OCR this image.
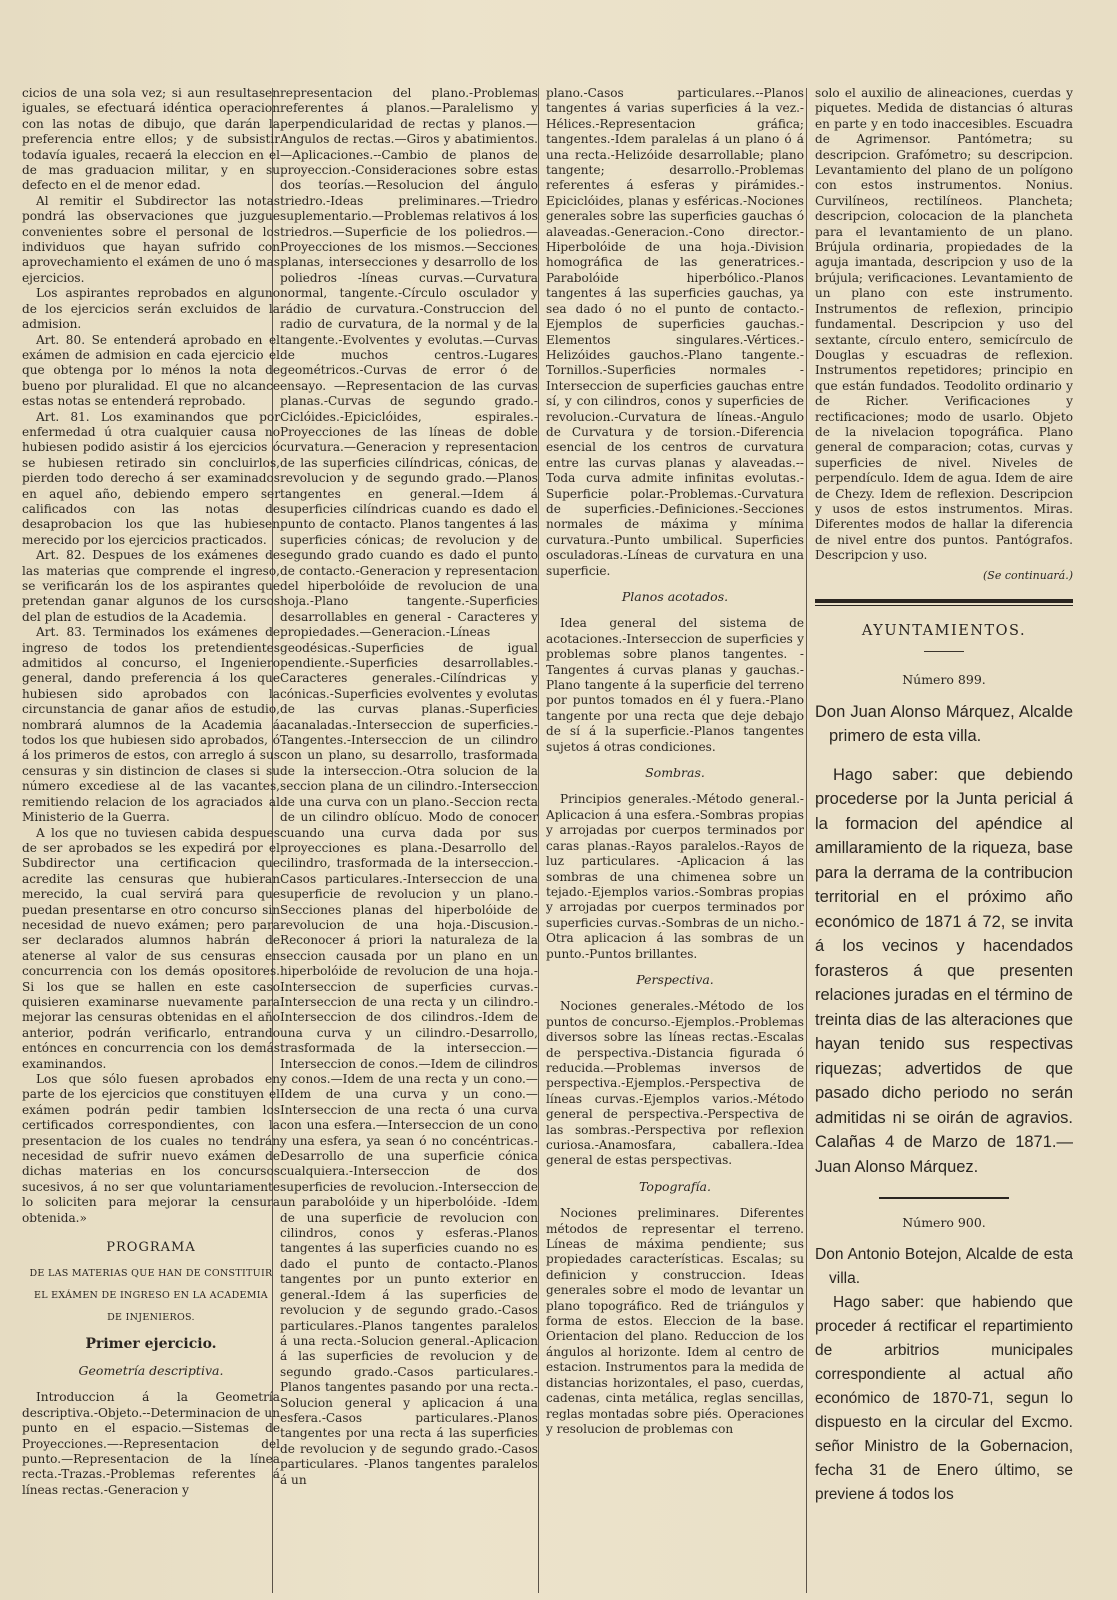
cicios de una sola vez; si aun resultasen iguales, se efectuará idéntica operacion con las notas de dibujo, que darán la preferencia entre ellos; y de subsistir todavía iguales, recaerá la eleccion en el de mas graduacion militar, y en su defecto en el de menor edad.

Al remitir el Subdirector las notas pondrá las observaciones que juzgue convenientes sobre el personal de los individuos que hayan sufrido con aprovechamiento el exámen de uno ó mas ejercicios.

Los aspirantes reprobados en alguno de los ejercicios serán excluidos de la admision.

Art. 80. Se entenderá aprobado en el exámen de admision en cada ejercicio el que obtenga por lo ménos la nota de bueno por pluralidad. El que no alcance estas notas se entenderá reprobado.

Art. 81. Los examinandos que por enfermedad ú otra cualquier causa no hubiesen podido asistir á los ejercicios ó se hubiesen retirado sin concluirlos, pierden todo derecho á ser examinados en aquel año, debiendo empero ser calificados con las notas de desaprobacion los que las hubiesen merecido por los ejercicios practicados.

Art. 82. Despues de los exámenes de las materias que comprende el ingreso, se verificarán los de los aspirantes que pretendan ganar algunos de los cursos del plan de estudios de la Academia.

Art. 83. Terminados los exámenes de ingreso de todos los pretendientes admitidos al concurso, el Ingeniero general, dando preferencia á los que hubiesen sido aprobados con la circunstancia de ganar años de estudio, nombrará alumnos de la Academia á todos los que hubiesen sido aprobados, ó á los primeros de estos, con arreglo á sus censuras y sin distincion de clases si su número excediese al de las vacantes, remitiendo relacion de los agraciados al Ministerio de la Guerra.

A los que no tuviesen cabida despues de ser aprobados se les expedirá por el Subdirector una certificacion que acredite las censuras que hubieran merecido, la cual servirá para que puedan presentarse en otro concurso sin necesidad de nuevo exámen; pero para ser declarados alumnos habrán de atenerse al valor de sus censuras en concurrencia con los demás opositores. Si los que se hallen en este caso quisieren examinarse nuevamente para mejorar las censuras obtenidas en el año anterior, podrán verificarlo, entrando entónces en concurrencia con los demás examinandos.

Los que sólo fuesen aprobados en parte de los ejercicios que constituyen el exámen podrán pedir tambien los certificados correspondientes, con la presentacion de los cuales no tendrán necesidad de sufrir nuevo exámen de dichas materias en los concursos sucesivos, á no ser que voluntariamente lo soliciten para mejorar la censura obtenida.»

PROGRAMA
DE LAS MATERIAS QUE HAN DE CONSTITUIR
EL EXÁMEN DE INGRESO EN LA ACADEMIA
DE INJENIEROS.
Primer ejercicio.
Geometría descriptiva.

Introduccion á la Geometría descriptiva.-Objeto.--Determinacion de un punto en el espacio.—Sistemas de Proyecciones.—-Representacion del punto.—Representacion de la línea recta.-Trazas.-Problemas referentes á líneas rectas.-Generacion y

representacion del plano.-Problemas referentes á planos.—Paralelismo y perpendicularidad de rectas y planos.—Angulos de rectas.—Giros y abatimientos.—Aplicaciones.--Cambio de planos de proyeccion.-Consideraciones sobre estas dos teorías.—Resolucion del ángulo triedro.-Ideas preliminares.—Triedro suplementario.—Problemas relativos á los triedros.—Superficie de los poliedros.—Proyecciones de los mismos.—Secciones planas, intersecciones y desarrollo de los poliedros -líneas curvas.—Curvatura normal, tangente.-Círculo osculador y rádio de curvatura.-Construccion del radio de curvatura, de la normal y de la tangente.-Evolventes y evolutas.—Curvas de muchos centros.-Lugares geométricos.-Curvas de error ó de ensayo. —Representacion de las curvas planas.-Curvas de segundo grado.-Ciclóides.-Epiciclóides, espirales.-Proyecciones de las líneas de doble curvatura.—Generacion y representacion de las superficies cilíndricas, cónicas, de revolucion y de segundo grado.—Planos tangentes en general.—Idem á superficies cilíndricas cuando es dado el punto de contacto. Planos tangentes á las superficies cónicas; de revolucion y de segundo grado cuando es dado el punto de contacto.-Generacion y representacion del hiperbolóide de revolucion de una hoja.-Plano tangente.-Superficies desarrollables en general - Caracteres y propiedades.—Generacion.-Líneas geodésicas.-Superficies de igual pendiente.-Superficies desarrollables.-Caracteres generales.-Cilíndricas y cónicas.-Superficies evolventes y evolutas de las curvas planas.-Superficies acanaladas.-Interseccion de superficies.-Tangentes.-Interseccion de un cilindro con un plano, su desarrollo, trasformada de la interseccion.-Otra solucion de la seccion plana de un cilindro.-Interseccion de una curva con un plano.-Seccion recta de un cilindro oblícuo. Modo de conocer cuando una curva dada por sus proyecciones es plana.-Desarrollo del cilindro, trasformada de la interseccion.-Casos particulares.-Interseccion de una superficie de revolucion y un plano.-Secciones planas del hiperbolóide de revolucion de una hoja.-Discusion.-Reconocer á priori la naturaleza de la seccion causada por un plano en un hiperbolóide de revolucion de una hoja.-Interseccion de superficies curvas.-Interseccion de una recta y un cilindro.-Interseccion de dos cilindros.-Idem de una curva y un cilindro.-Desarrollo, trasformada de la interseccion.—Interseccion de conos.—Idem de cilindros y conos.—Idem de una recta y un cono.—Idem de una curva y un cono.—Interseccion de una recta ó una curva con una esfera.—Interseccion de un cono y una esfera, ya sean ó no concéntricas.-Desarrollo de una superficie cónica cualquiera.-Interseccion de dos superficies de revolucion.-Interseccion de un parabolóide y un hiperbolóide. -Idem de una superficie de revolucion con cilindros, conos y esferas.-Planos tangentes á las superficies cuando no es dado el punto de contacto.-Planos tangentes por un punto exterior en general.-Idem á las superficies de revolucion y de segundo grado.-Casos particulares.-Planos tangentes paralelos á una recta.-Solucion general.-Aplicacion á las superficies de revolucion y de segundo grado.-Casos particulares.-Planos tangentes pasando por una recta.-Solucion general y aplicacion á una esfera.-Casos particulares.-Planos tangentes por una recta á las superficies de revolucion y de segundo grado.-Casos particulares. -Planos tangentes paralelos á un

plano.-Casos particulares.--Planos tangentes á varias superficies á la vez.-Hélices.-Representacion gráfica; tangentes.-Idem paralelas á un plano ó á una recta.-Helizóide desarrollable; plano tangente; desarrollo.-Problemas referentes á esferas y pirámides.-Epiciclóides, planas y esféricas.-Nociones generales sobre las superficies gauchas ó alaveadas.-Generacion.-Cono director.-Hiperbolóide de una hoja.-Division homográfica de las generatrices.-Parabolóide hiperbólico.-Planos tangentes á las superficies gauchas, ya sea dado ó no el punto de contacto.-Ejemplos de superficies gauchas.-Elementos singulares.-Vértices.-Helizóides gauchos.-Plano tangente.-Tornillos.-Superficies normales -Interseccion de superficies gauchas entre sí, y con cilindros, conos y superficies de revolucion.-Curvatura de líneas.-Angulo de Curvatura y de torsion.-Diferencia esencial de los centros de curvatura entre las curvas planas y alaveadas.--Toda curva admite infinitas evolutas.-Superficie polar.-Problemas.-Curvatura de superficies.-Definiciones.-Secciones normales de máxima y mínima curvatura.-Punto umbilical. Superficies osculadoras.-Líneas de curvatura en una superficie.

Planos acotados.

Idea general del sistema de acotaciones.-Interseccion de superficies y problemas sobre planos tangentes. -Tangentes á curvas planas y gauchas.-Plano tangente á la superficie del terreno por puntos tomados en él y fuera.-Plano tangente por una recta que deje debajo de sí á la superficie.-Planos tangentes sujetos á otras condiciones.

Sombras.

Principios generales.-Método general.-Aplicacion á una esfera.-Sombras propias y arrojadas por cuerpos terminados por caras planas.-Rayos paralelos.-Rayos de luz particulares. -Aplicacion á las sombras de una chimenea sobre un tejado.-Ejemplos varios.-Sombras propias y arrojadas por cuerpos terminados por superficies curvas.-Sombras de un nicho.-Otra aplicacion á las sombras de un punto.-Puntos brillantes.

Perspectiva.

Nociones generales.-Método de los puntos de concurso.-Ejemplos.-Problemas diversos sobre las líneas rectas.-Escalas de perspectiva.-Distancia figurada ó reducida.—Problemas inversos de perspectiva.-Ejemplos.-Perspectiva de líneas curvas.-Ejemplos varios.-Método general de perspectiva.-Perspectiva de las sombras.-Perspectiva por reflexion curiosa.-Anamosfara, caballera.-Idea general de estas perspectivas.

Topografía.

Nociones preliminares. Diferentes métodos de representar el terreno. Líneas de máxima pendiente; sus propiedades características. Escalas; su definicion y construccion. Ideas generales sobre el modo de levantar un plano topográfico. Red de triángulos y forma de estos. Eleccion de la base. Orientacion del plano. Reduccion de los ángulos al horizonte. Idem al centro de estacion. Instrumentos para la medida de distancias horizontales, el paso, cuerdas, cadenas, cinta metálica, reglas sencillas, reglas montadas sobre piés. Operaciones y resolucion de problemas con

solo el auxilio de alineaciones, cuerdas y piquetes. Medida de distancias ó alturas en parte y en todo inaccesibles. Escuadra de Agrimensor. Pantómetra; su descripcion. Grafómetro; su descripcion. Levantamiento del plano de un polígono con estos instrumentos. Nonius. Curvilíneos, rectilíneos. Plancheta; descripcion, colocacion de la plancheta para el levantamiento de un plano. Brújula ordinaria, propiedades de la aguja imantada, descripcion y uso de la brújula; verificaciones. Levantamiento de un plano con este instrumento. Instrumentos de reflexion, principio fundamental. Descripcion y uso del sextante, círculo entero, semicírculo de Douglas y escuadras de reflexion. Instrumentos repetidores; principio en que están fundados. Teodolito ordinario y de Richer. Verificaciones y rectificaciones; modo de usarlo. Objeto de la nivelacion topográfica. Plano general de comparacion; cotas, curvas y superficies de nivel. Niveles de perpendículo. Idem de agua. Idem de aire de Chezy. Idem de reflexion. Descripcion y usos de estos instrumentos. Miras. Diferentes modos de hallar la diferencia de nivel entre dos puntos. Pantógrafos. Descripcion y uso.

(Se continuará.)
AYUNTAMIENTOS.
Número 899.

Don Juan Alonso Márquez, Alcalde primero de esta villa.

Hago saber: que debiendo procederse por la Junta pericial á la formacion del apéndice al amillaramiento de la riqueza, base para la derrama de la contribucion territorial en el próximo año económico de 1871 á 72, se invita á los vecinos y hacendados forasteros á que presenten relaciones juradas en el término de treinta dias de las alteraciones que hayan tenido sus respectivas riquezas; advertidos de que pasado dicho periodo no serán admitidas ni se oirán de agravios. Calañas 4 de Marzo de 1871.—Juan Alonso Márquez.

Número 900.

Don Antonio Botejon, Alcalde de esta villa.

Hago saber: que habiendo que proceder á rectificar el repartimiento de arbitrios municipales correspondiente al actual año económico de 1870-71, segun lo dispuesto en la circular del Excmo. señor Ministro de la Gobernacion, fecha 31 de Enero último, se previene á todos los
